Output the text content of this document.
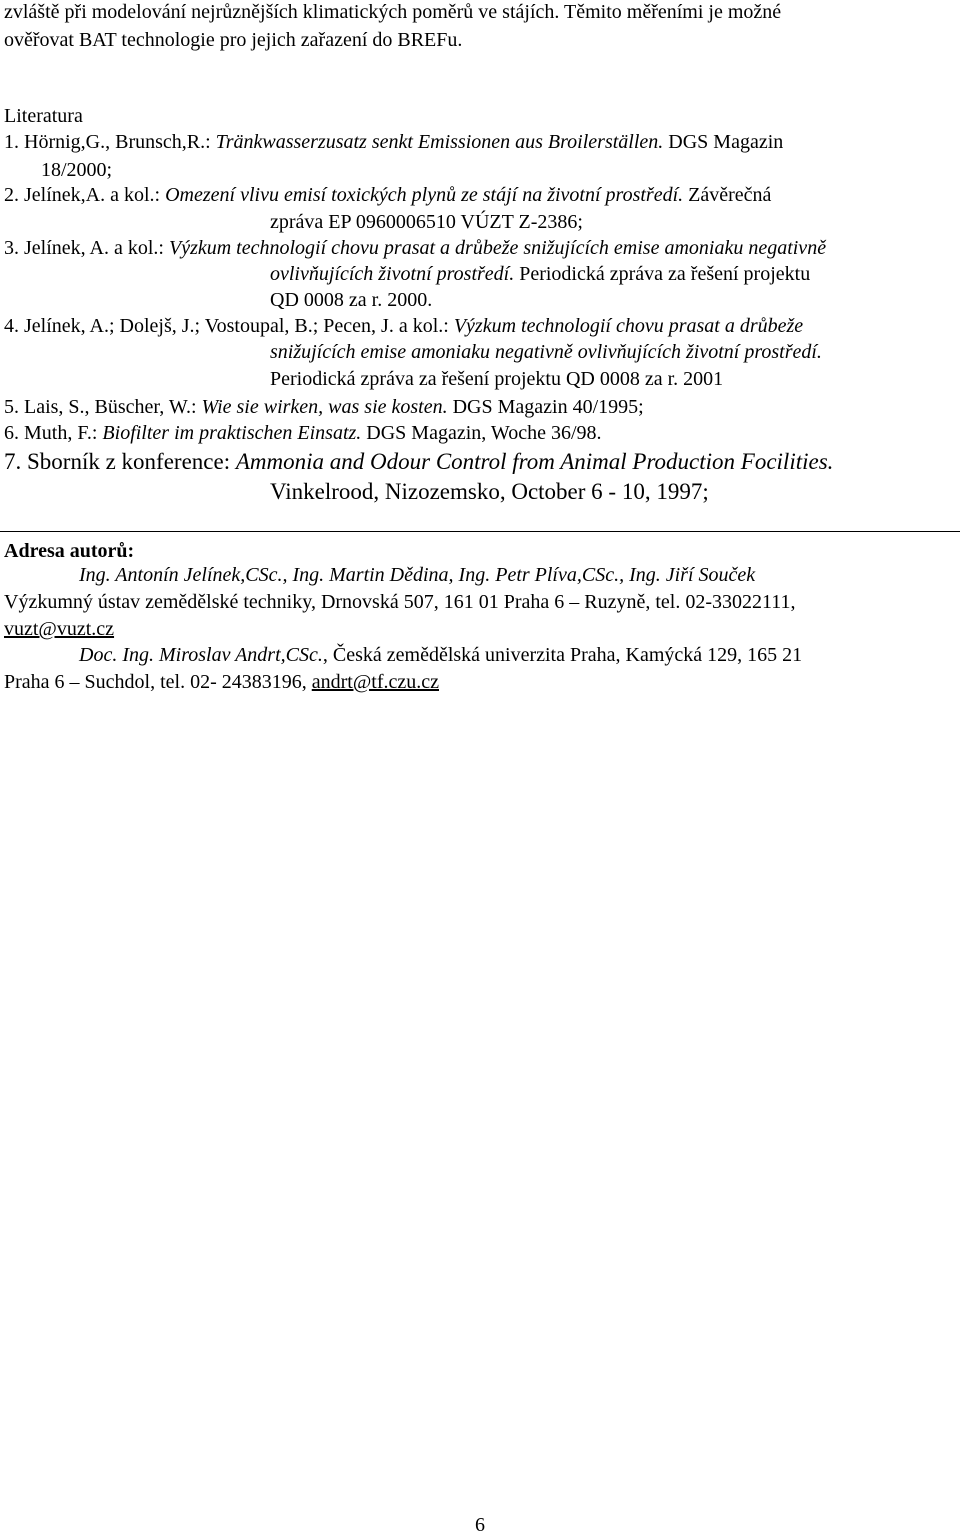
zvláště při modelování nejrůznějších klimatických poměrů ve stájích. Těmito měřeními je možné
ověřovat BAT technologie pro jejich zařazení do BREFu.
Literatura
1. Hörnig,G., Brunsch,R.: Tränkwasserzusatz senkt Emissionen aus Broilerställen. DGS Magazin
18/2000;
2. Jelínek,A. a kol.: Omezení vlivu emisí toxických plynů ze stájí na životní prostředí. Závěrečná
zpráva EP 0960006510 VÚZT Z-2386;
3. Jelínek, A. a kol.: Výzkum technologií chovu prasat a drůbeže snižujících emise amoniaku negativně
ovlivňujících životní prostředí. Periodická zpráva za řešení projektu
QD 0008 za r. 2000.
4. Jelínek, A.; Dolejš, J.; Vostoupal, B.; Pecen, J. a kol.: Výzkum technologií chovu prasat a drůbeže
snižujících emise amoniaku negativně ovlivňujících životní prostředí.
Periodická zpráva za řešení projektu QD 0008 za r. 2001
5. Lais, S., Büscher, W.: Wie sie wirken, was sie kosten. DGS Magazin 40/1995;
6. Muth, F.: Biofilter im praktischen Einsatz. DGS Magazin, Woche 36/98.
7. Sborník z konference: Ammonia and Odour Control from Animal Production Focilities.
Vinkelrood, Nizozemsko, October 6 - 10, 1997;
Adresa autorů:
Ing. Antonín Jelínek,CSc., Ing. Martin Dědina, Ing. Petr Plíva,CSc., Ing. Jiří Souček
Výzkumný ústav zemědělské techniky, Drnovská 507, 161 01 Praha 6 – Ruzyně, tel. 02-33022111,
vuzt@vuzt.cz
Doc. Ing. Miroslav Andrt,CSc., Česká zemědělská univerzita Praha, Kamýcká 129, 165 21
Praha 6 – Suchdol, tel. 02- 24383196, andrt@tf.czu.cz
6
